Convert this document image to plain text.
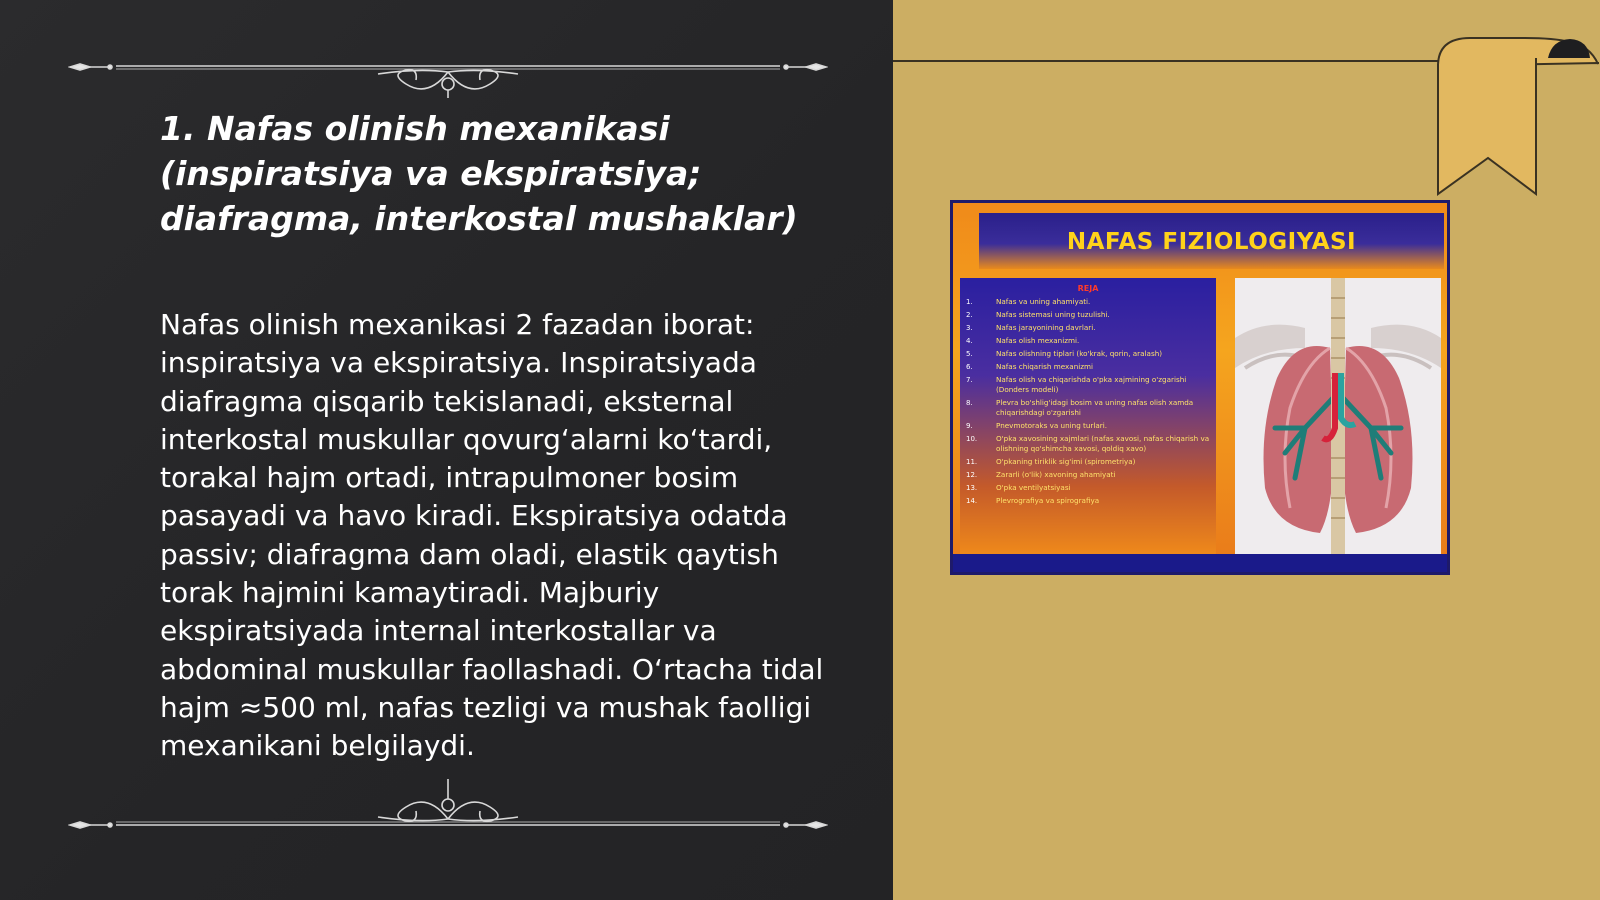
1. Nafas olinish mexanikasi (inspiratsiya va ekspiratsiya; diafragma, interkostal mushaklar)

Nafas olinish mexanikasi 2 fazadan iborat: inspiratsiya va ekspiratsiya. Inspiratsiyada diafragma qisqarib tekislanadi, eksternal interkostal muskullar qovurg‘alarni ko‘tardi, torakal hajm ortadi, intrapulmoner bosim pasayadi va havo kiradi. Ekspiratsiya odatda passiv; diafragma dam oladi, elastik qaytish torak hajmini kamaytiradi. Majburiy ekspiratsiyada internal interkostallar va abdominal muskullar faollashadi. O‘rtacha tidal hajm ≈500 ml, nafas tezligi va mushak faolligi mexanikani belgilaydi.

NAFAS FIZIOLOGIYASI
REJA
1.	Nafas va uning ahamiyati.
2.	Nafas sistemasi uning tuzulishi.
3.	Nafas jarayonining davrlari.
4.	Nafas olish mexanizmi.
5.	Nafas olishning tiplari (ko'krak, qorin, aralash)
6.	Nafas chiqarish mexanizmi
7.	Nafas olish va chiqarishda o'pka xajmining o'zgarishi (Donders modeli)
8.	Plevra bo'shlig'idagi bosim va uning nafas olish xamda chiqarishdagi o'zgarishi
9.	Pnevmotoraks va uning turlari.
10.	O'pka xavosining xajmlari (nafas xavosi, nafas chiqarish va olishning qo'shimcha xavosi, qoldiq xavo)
11.	O'pkaning tiriklik sig'imi (spirometriya)
12.	Zararli (o'lik) xavoning ahamiyati
13.	O'pka ventilyatsiyasi
14.	Plevrografiya va spirografiya
